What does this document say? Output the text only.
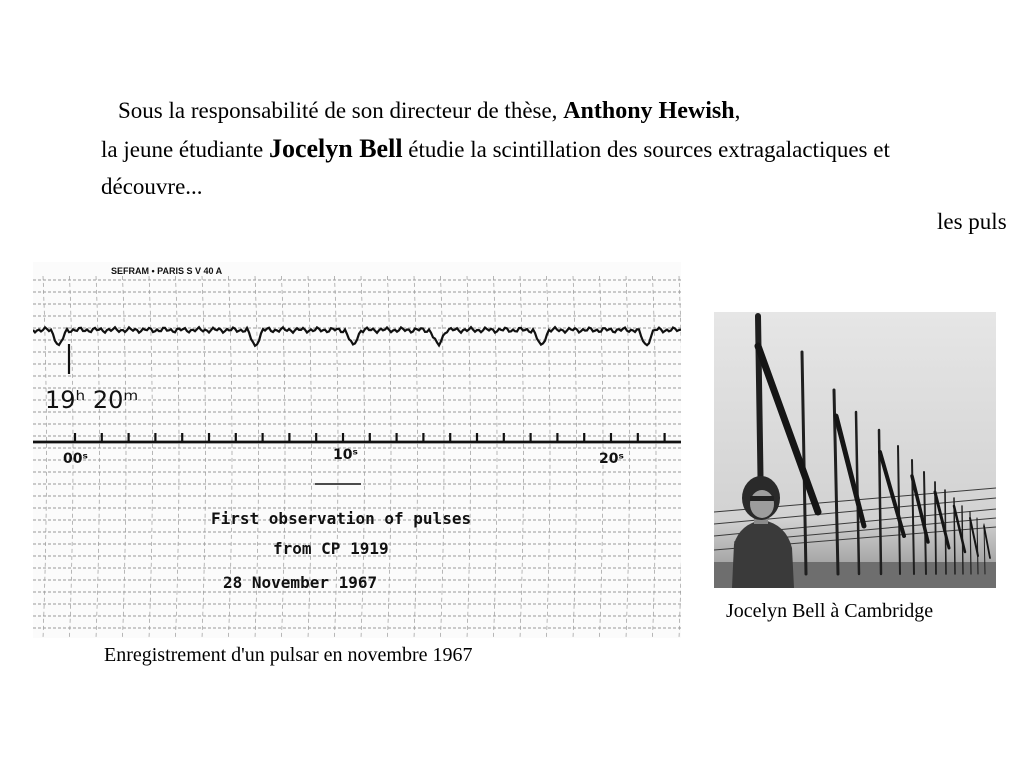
Sous la responsabilité de son directeur de thèse, Anthony Hewish,
la jeune étudiante Jocelyn Bell étudie la scintillation des sources extragalactiques et découvre...

les puls
SEFRAM • PARIS S V 40 A
19ʰ 20ᵐ
00ˢ	10ˢ	20ˢ
First observation of pulses
from CP 1919
28 November 1967
Enregistrement d'un pulsar en novembre 1967
Jocelyn Bell à Cambridge
